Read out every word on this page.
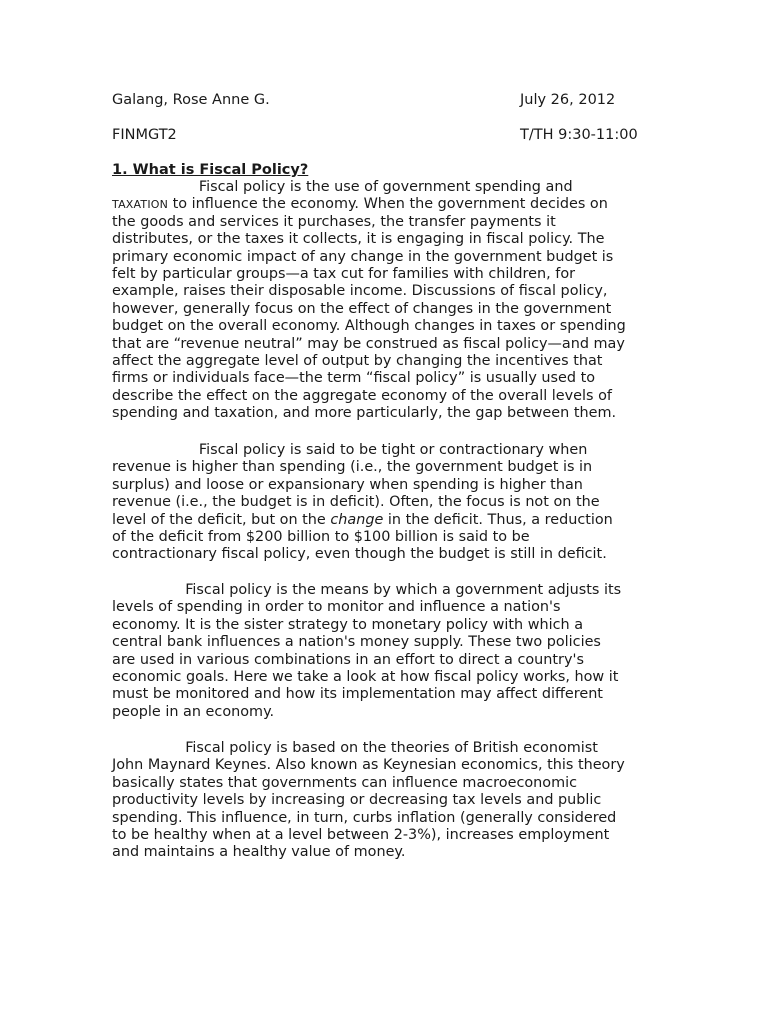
Galang, Rose Anne G.	July 26, 2012
FINMGT2	T/TH 9:30-11:00
1. What is Fiscal Policy?
Fiscal policy is the use of government spending and
TAXATION to influence the economy. When the government decides on
the goods and services it purchases, the transfer payments it
distributes, or the taxes it collects, it is engaging in fiscal policy. The
primary economic impact of any change in the government budget is
felt by particular groups—a tax cut for families with children, for
example, raises their disposable income. Discussions of fiscal policy,
however, generally focus on the effect of changes in the government
budget on the overall economy. Although changes in taxes or spending
that are “revenue neutral” may be construed as fiscal policy—and may
affect the aggregate level of output by changing the incentives that
firms or individuals face—the term “fiscal policy” is usually used to
describe the effect on the aggregate economy of the overall levels of
spending and taxation, and more particularly, the gap between them.
Fiscal policy is said to be tight or contractionary when
revenue is higher than spending (i.e., the government budget is in
surplus) and loose or expansionary when spending is higher than
revenue (i.e., the budget is in deficit). Often, the focus is not on the
level of the deficit, but on the change in the deficit. Thus, a reduction
of the deficit from $200 billion to $100 billion is said to be
contractionary fiscal policy, even though the budget is still in deficit.
Fiscal policy is the means by which a government adjusts its
levels of spending in order to monitor and influence a nation's
economy. It is the sister strategy to monetary policy with which a
central bank influences a nation's money supply. These two policies
are used in various combinations in an effort to direct a country's
economic goals. Here we take a look at how fiscal policy works, how it
must be monitored and how its implementation may affect different
people in an economy.
Fiscal policy is based on the theories of British economist
John Maynard Keynes. Also known as Keynesian economics, this theory
basically states that governments can influence macroeconomic
productivity levels by increasing or decreasing tax levels and public
spending. This influence, in turn, curbs inflation (generally considered
to be healthy when at a level between 2-3%), increases employment
and maintains a healthy value of money.
